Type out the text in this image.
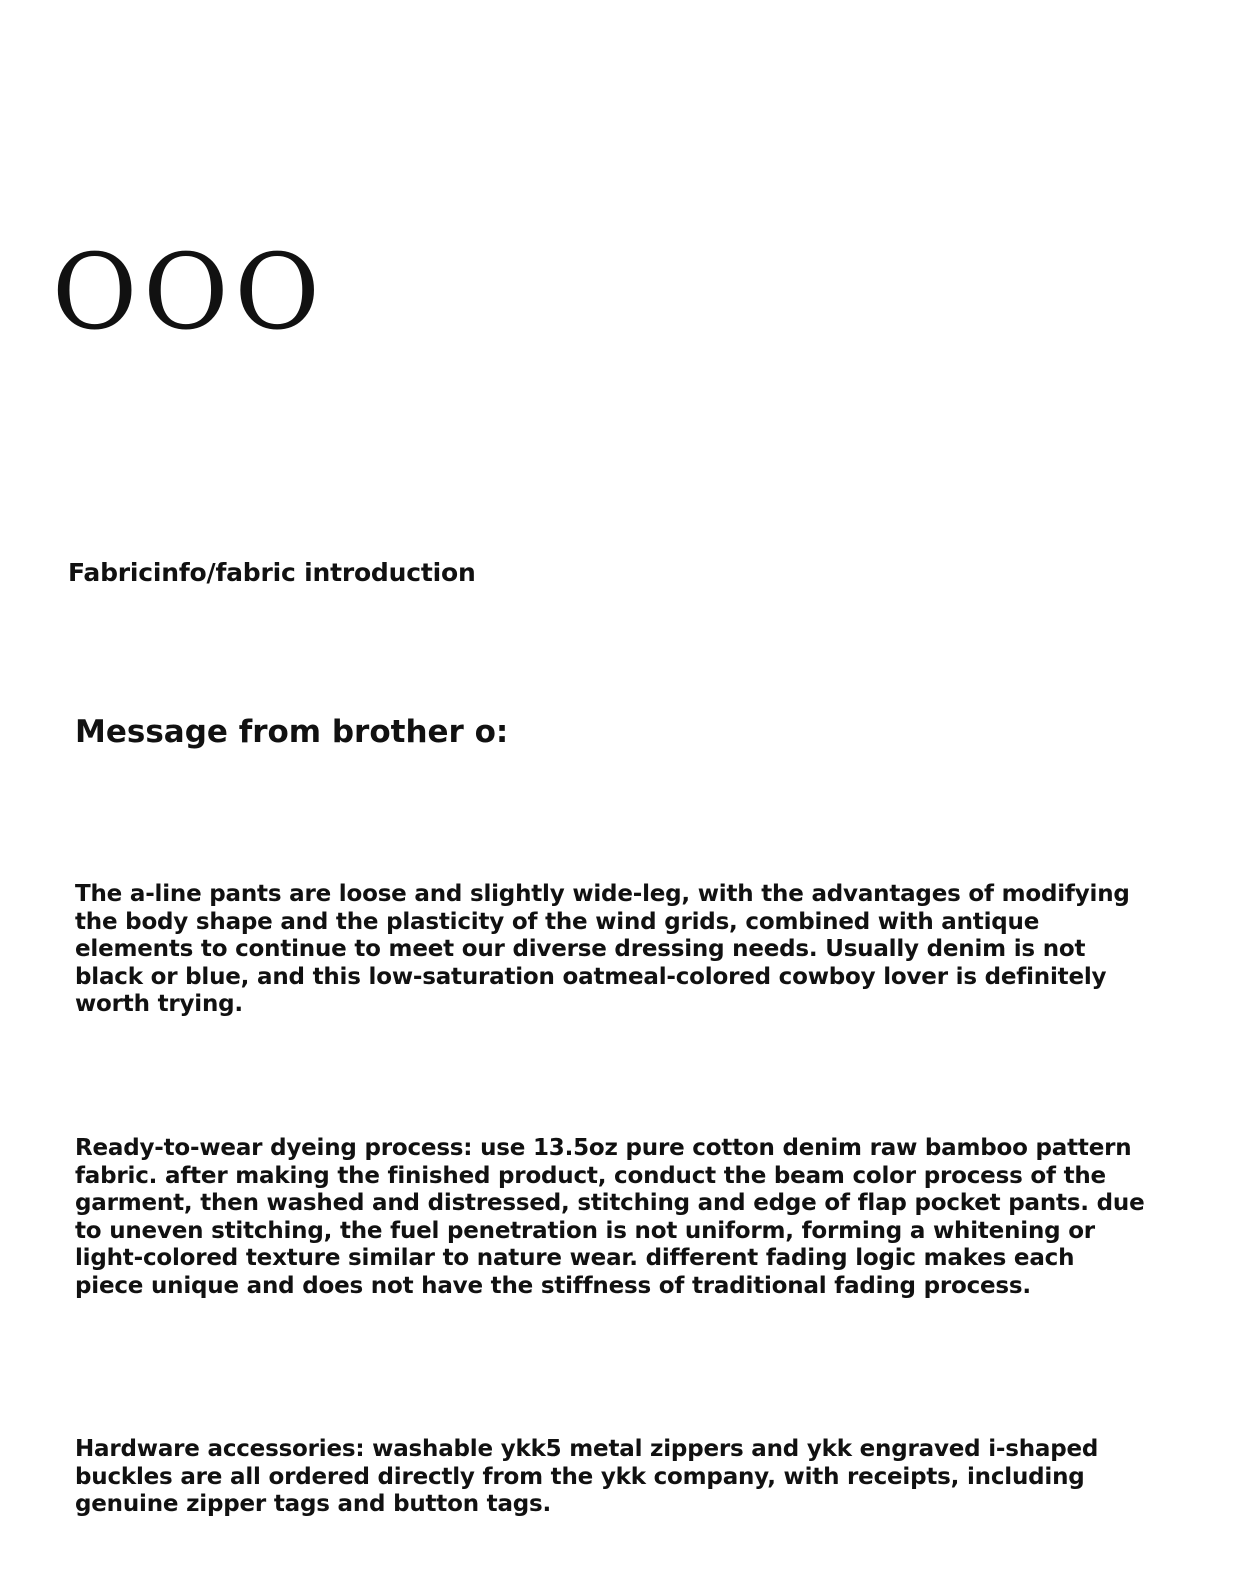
OOO
Fabricinfo/fabric introduction
Message from brother o:

The a-line pants are loose and slightly wide-leg, with the advantages of modifying the body shape and the plasticity of the wind grids, combined with antique elements to continue to meet our diverse dressing needs. Usually denim is not black or blue, and this low-saturation oatmeal-colored cowboy lover is definitely worth trying.

Ready-to-wear dyeing process: use 13.5oz pure cotton denim raw bamboo pattern fabric. after making the finished product, conduct the beam color process of the garment, then washed and distressed, stitching and edge of flap pocket pants. due to uneven stitching, the fuel penetration is not uniform, forming a whitening or light-colored texture similar to nature wear. different fading logic makes each piece unique and does not have the stiffness of traditional fading process.

Hardware accessories: washable ykk5 metal zippers and ykk engraved i-shaped buckles are all ordered directly from the ykk company, with receipts, including genuine zipper tags and button tags.
